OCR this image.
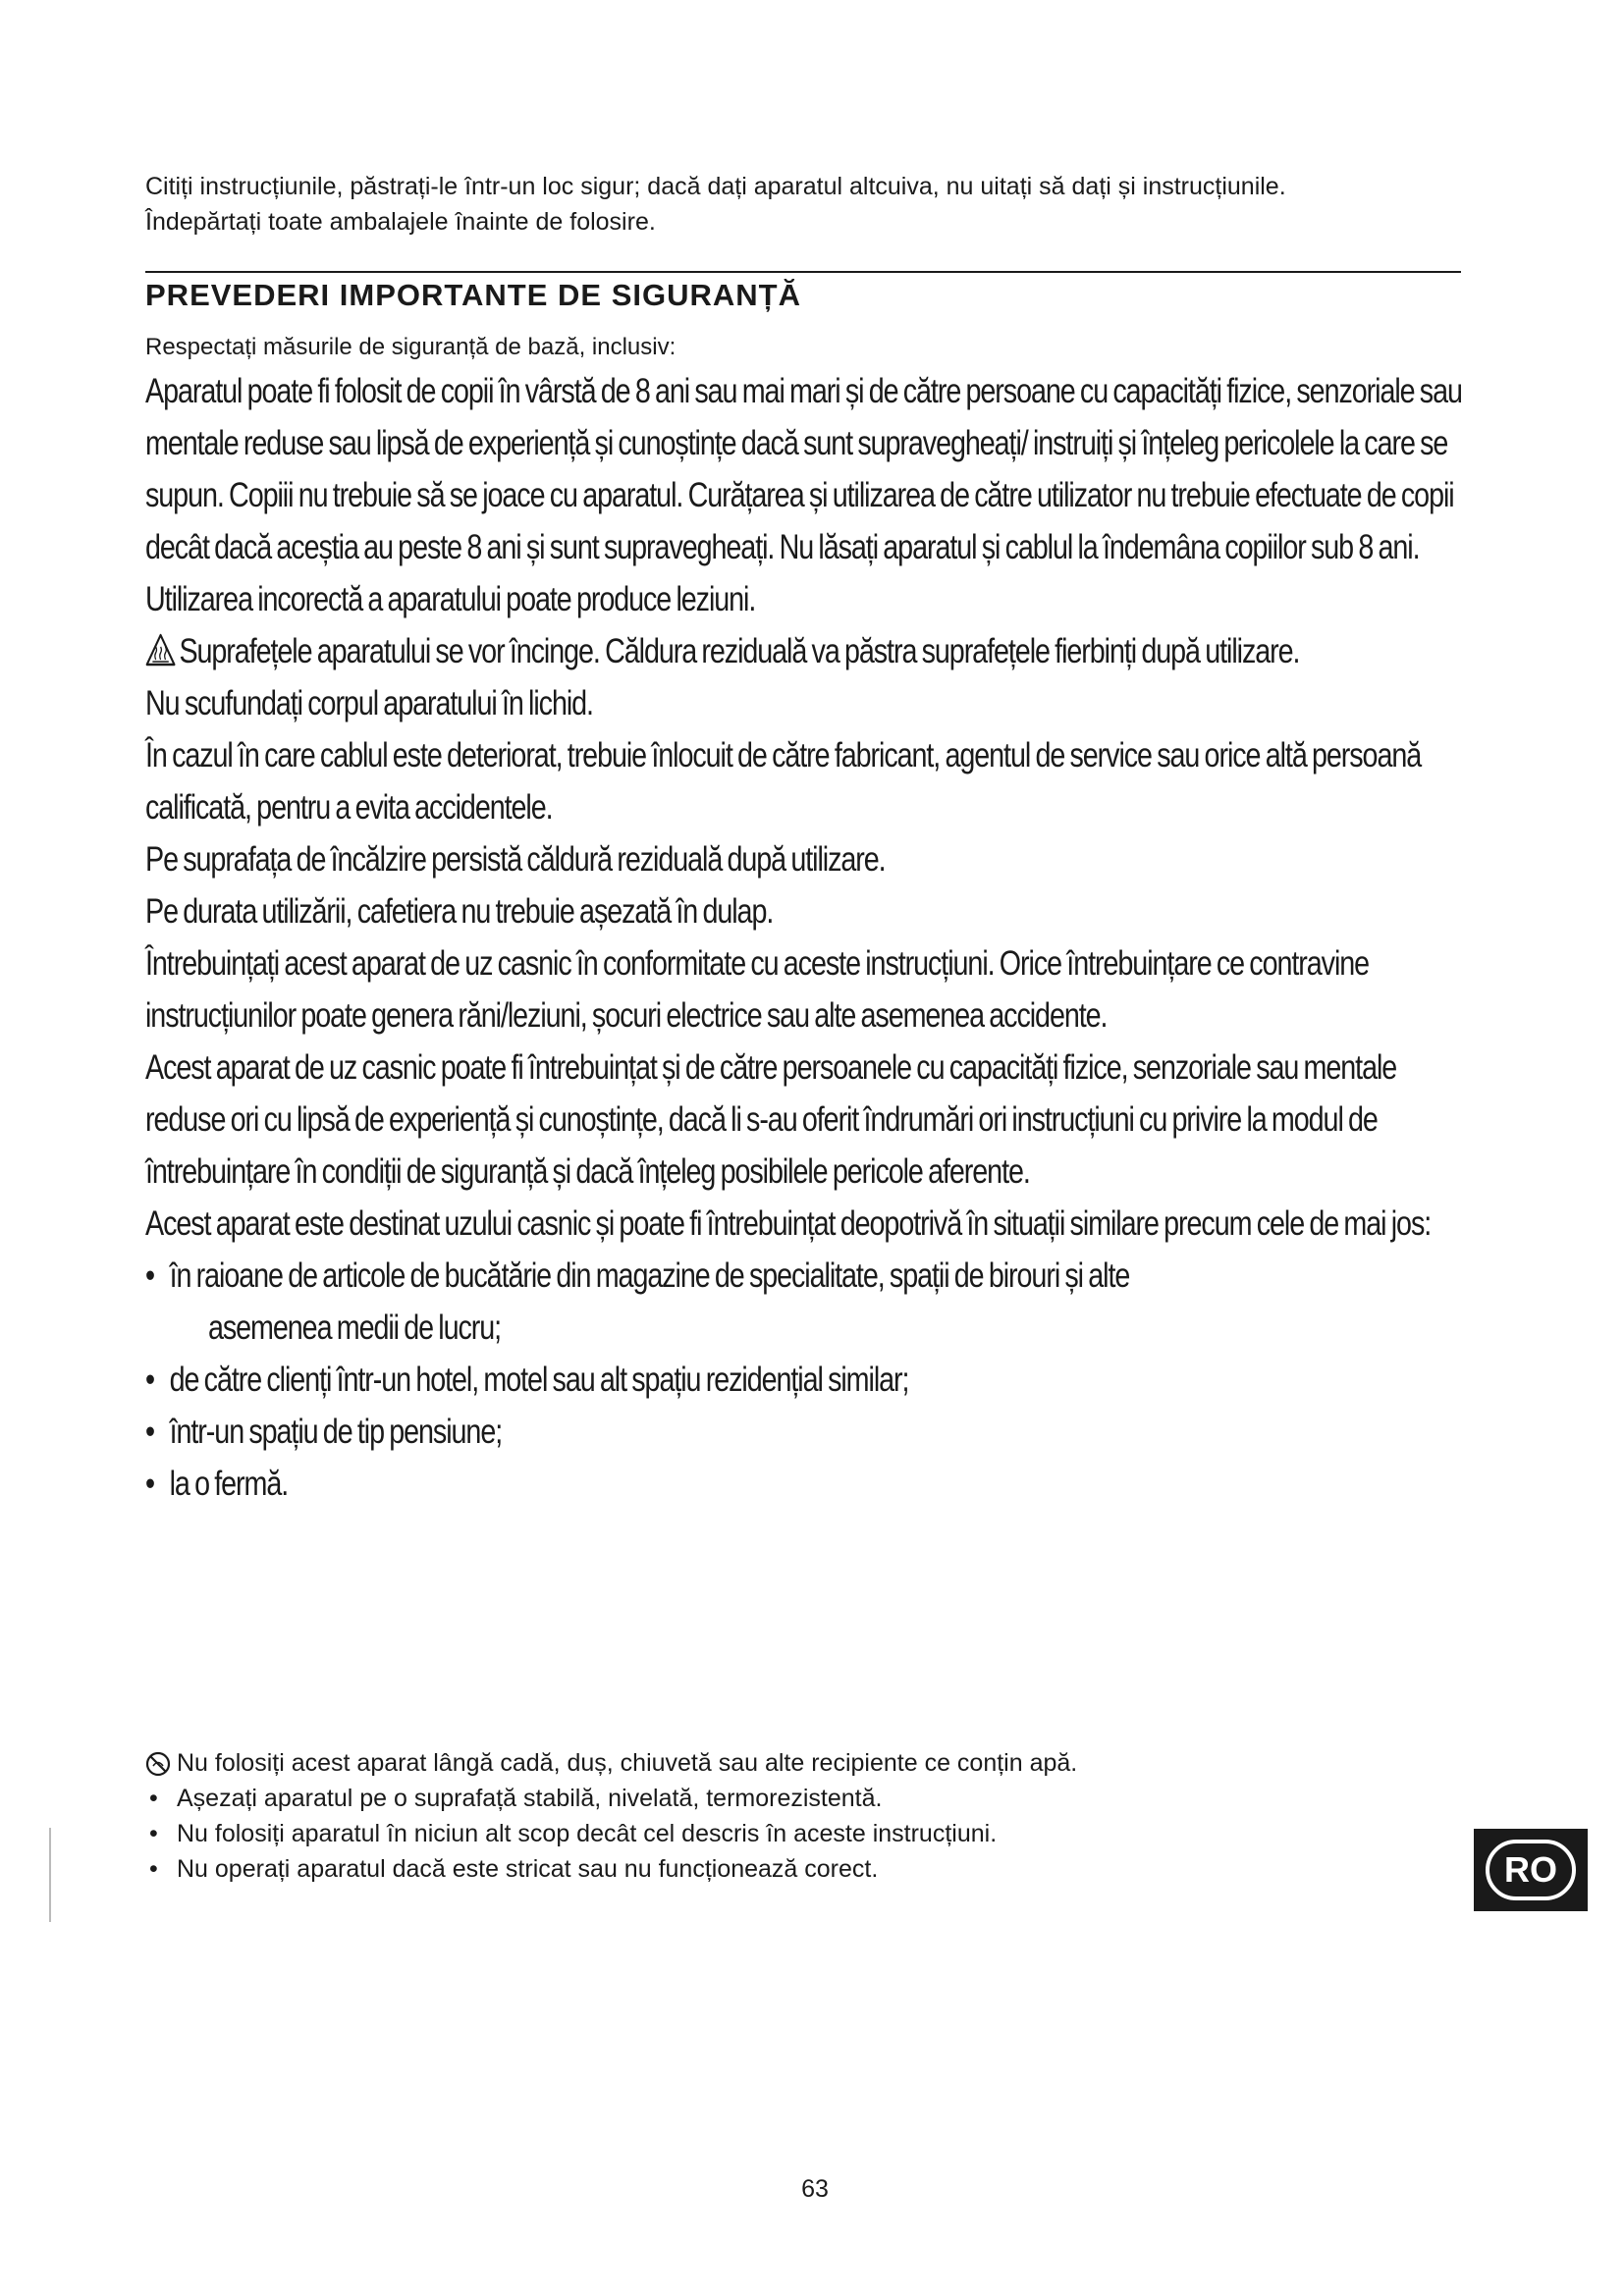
Citiți instrucțiunile, păstrați-le într-un loc sigur; dacă dați aparatul altcuiva, nu uitați să dați și instrucțiunile.

Îndepărtați toate ambalajele înainte de folosire.

PREVEDERI IMPORTANTE DE SIGURANȚĂ

Respectați măsurile de siguranță de bază, inclusiv:

Aparatul poate fi folosit de copii în vârstă de 8 ani sau mai mari și de către persoane cu capacități fizice, senzoriale sau mentale reduse sau lipsă de experiență și cunoștințe dacă sunt supravegheați/ instruiți și înțeleg pericolele la care se supun. Copiii nu trebuie să se joace cu aparatul. Curățarea și utilizarea de către utilizator nu trebuie efectuate de copii decât dacă aceștia au peste 8 ani și sunt supravegheați. Nu lăsați aparatul și cablul la îndemâna copiilor sub 8 ani.

Utilizarea incorectă a aparatului poate produce leziuni.

Suprafețele aparatului se vor încinge. Căldura reziduală va păstra suprafețele fierbinți după utilizare.

Nu scufundați corpul aparatului în lichid.

În cazul în care cablul este deteriorat, trebuie înlocuit de către fabricant, agentul de service sau orice altă persoană calificată, pentru a evita accidentele.

Pe suprafața de încălzire persistă căldură reziduală după utilizare.

Pe durata utilizării, cafetiera nu trebuie așezată în dulap.

Întrebuințați acest aparat de uz casnic în conformitate cu aceste instrucțiuni. Orice întrebuințare ce contravine instrucțiunilor poate genera răni/leziuni, șocuri electrice sau alte asemenea accidente.

Acest aparat de uz casnic poate fi întrebuințat și de către persoanele cu capacități fizice, senzoriale sau mentale reduse ori cu lipsă de experiență și cunoștințe, dacă li s-au oferit îndrumări ori instrucțiuni cu privire la modul de întrebuințare în condiții de siguranță și dacă înțeleg posibilele pericole aferente.

Acest aparat este destinat uzului casnic și poate fi întrebuințat deopotrivă în situații similare precum cele de mai jos:

• în raioane de articole de bucătărie din magazine de specialitate, spații de birouri și alte
asemenea medii de lucru;
• de către clienți într-un hotel, motel sau alt spațiu rezidențial similar;
• într-un spațiu de tip pensiune;
• la o fermă.
Nu folosiți acest aparat lângă cadă, duș, chiuvetă sau alte recipiente ce conțin apă.
• Așezați aparatul pe o suprafață stabilă, nivelată, termorezistentă.
• Nu folosiți aparatul în niciun alt scop decât cel descris în aceste instrucțiuni.
• Nu operați aparatul dacă este stricat sau nu funcționează corect.	RO
63
